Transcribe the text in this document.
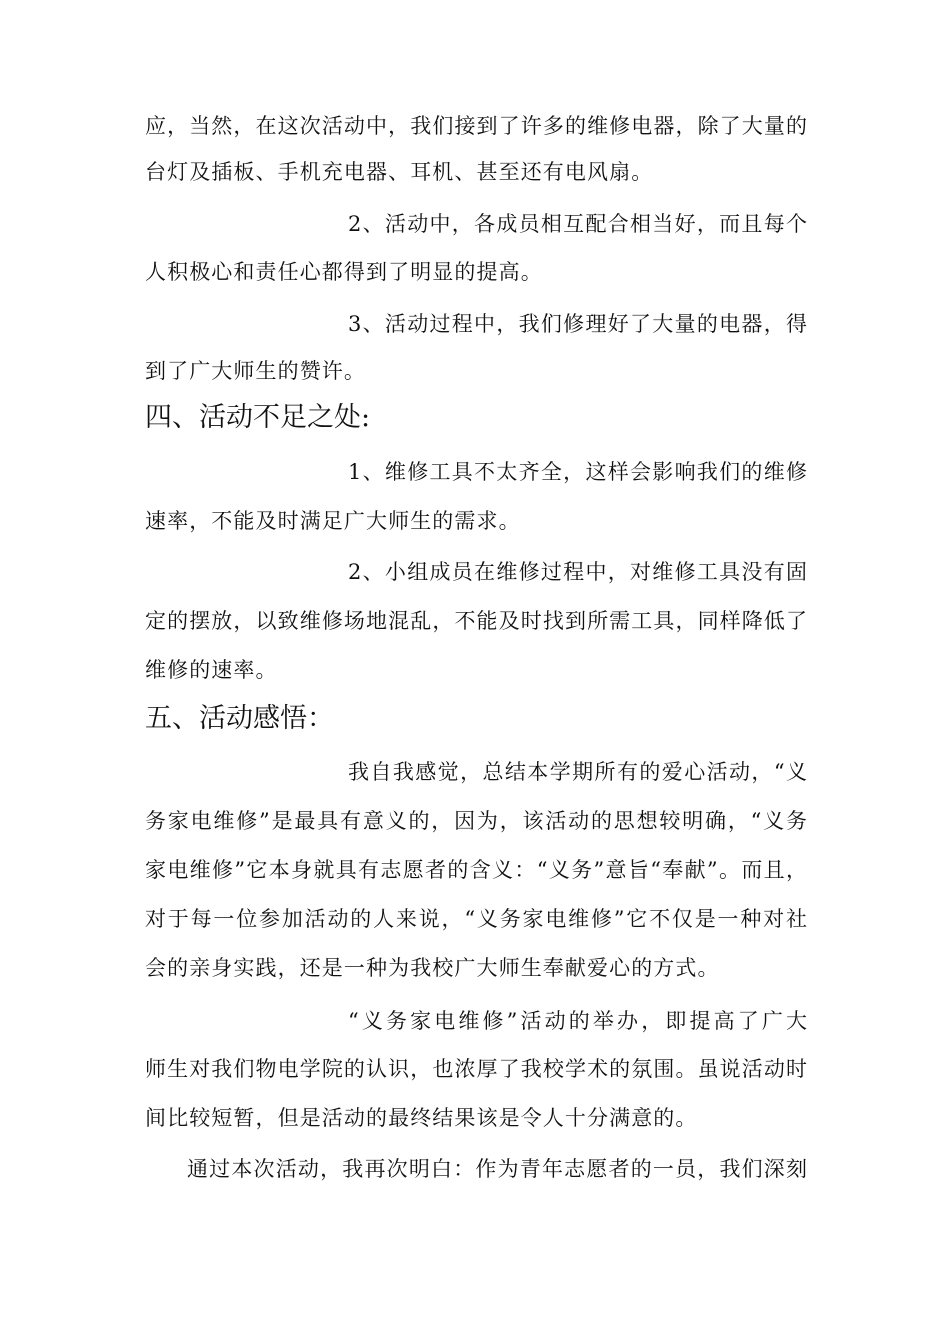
应，当然，在这次活动中，我们接到了许多的维修电器，除了大量的
台灯及插板、手机充电器、耳机、甚至还有电风扇。
2、活动中，各成员相互配合相当好，而且每个
人积极心和责任心都得到了明显的提高。
3、活动过程中，我们修理好了大量的电器，得
到了广大师生的赞许。
四、活动不足之处:
1、维修工具不太齐全，这样会影响我们的维修
速率，不能及时满足广大师生的需求。
2、小组成员在维修过程中，对维修工具没有固
定的摆放，以致维修场地混乱，不能及时找到所需工具，同样降低了
维修的速率。
五、活动感悟：
我自我感觉，总结本学期所有的爱心活动，“义
务家电维修”是最具有意义的，因为，该活动的思想较明确，“义务
家电维修”它本身就具有志愿者的含义：“义务”意旨“奉献”。而且，
对于每一位参加活动的人来说，“义务家电维修”它不仅是一种对社
会的亲身实践，还是一种为我校广大师生奉献爱心的方式。
“义务家电维修”活动的举办，即提高了广大
师生对我们物电学院的认识，也浓厚了我校学术的氛围。虽说活动时
间比较短暂，但是活动的最终结果该是令人十分满意的。
通过本次活动，我再次明白：作为青年志愿者的一员，我们深刻
